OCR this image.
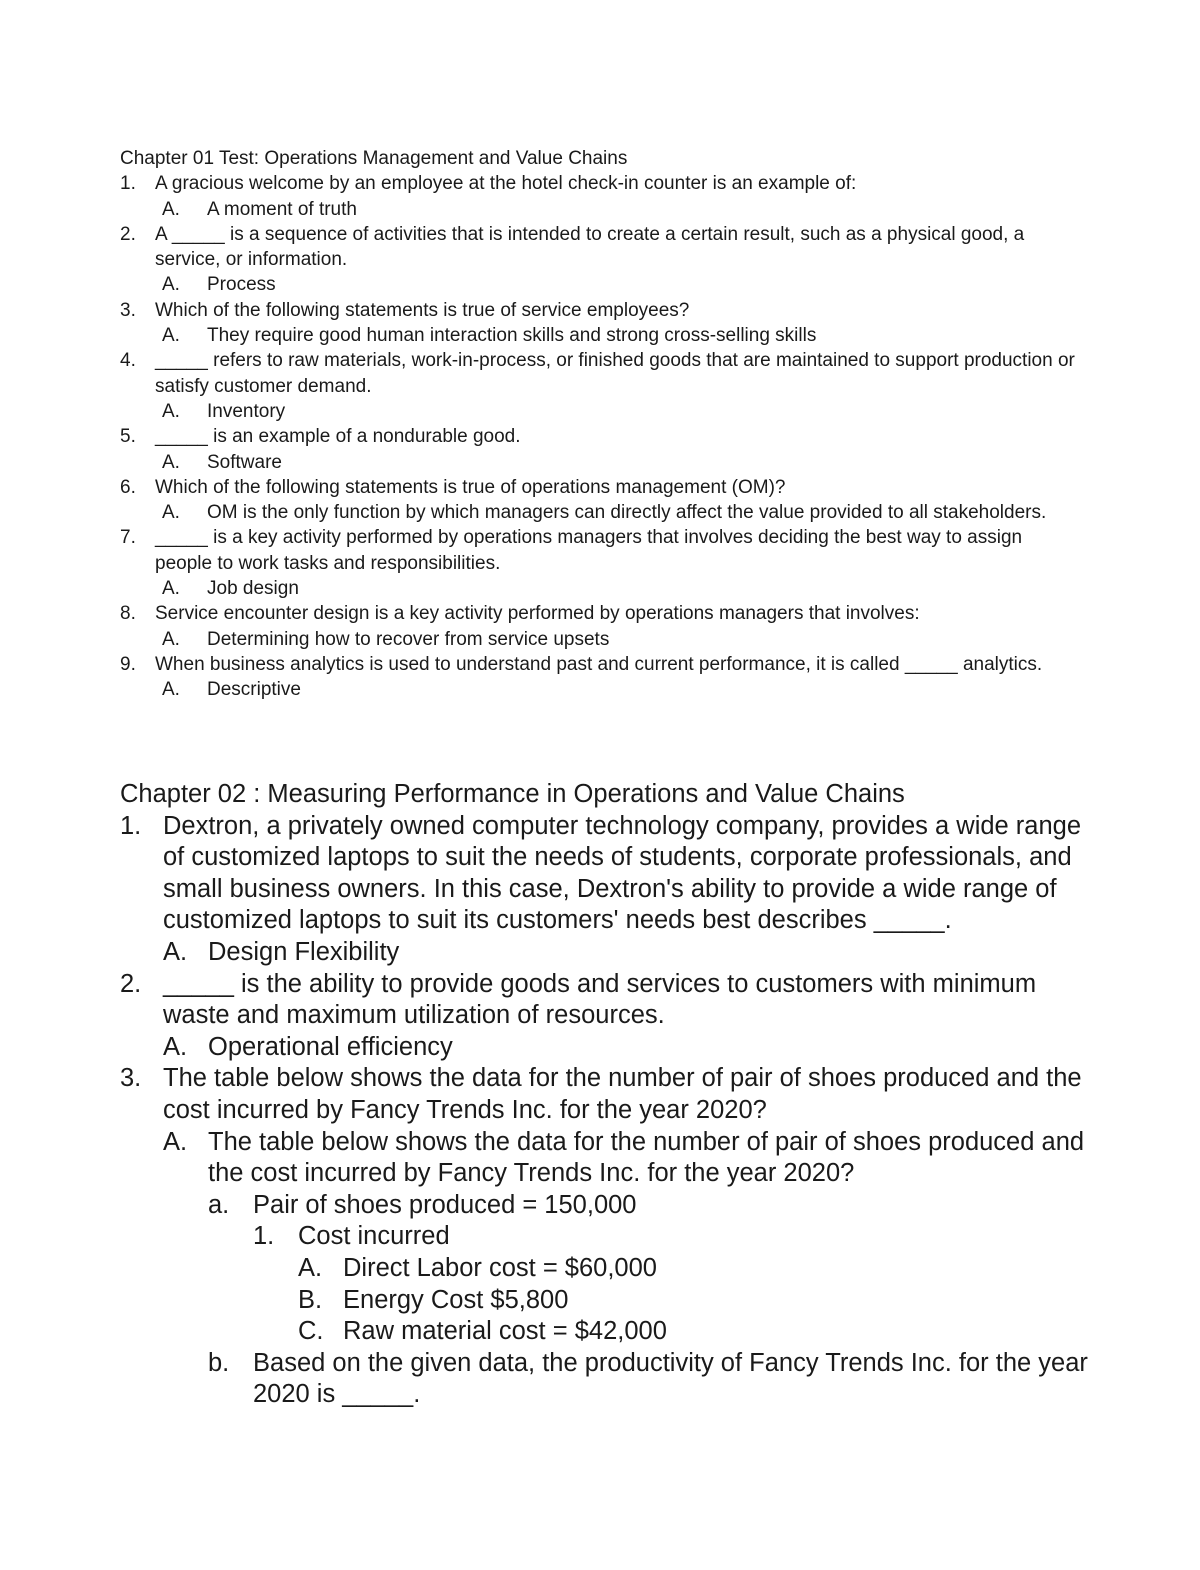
Chapter 01 Test: Operations Management and Value Chains
1. A gracious welcome by an employee at the hotel check-in counter is an example of:
A. A moment of truth
2. A _____ is a sequence of activities that is intended to create a certain result, such as a physical good, a service, or information.
A. Process
3. Which of the following statements is true of service employees?
A. They require good human interaction skills and strong cross-selling skills
4. _____ refers to raw materials, work-in-process, or finished goods that are maintained to support production or satisfy customer demand.
A. Inventory
5. _____ is an example of a nondurable good.
A. Software
6. Which of the following statements is true of operations management (OM)?
A. OM is the only function by which managers can directly affect the value provided to all stakeholders.
7. _____ is a key activity performed by operations managers that involves deciding the best way to assign people to work tasks and responsibilities.
A. Job design
8. Service encounter design is a key activity performed by operations managers that involves:
A. Determining how to recover from service upsets
9. When business analytics is used to understand past and current performance, it is called _____ analytics.
A. Descriptive
Chapter 02 : Measuring Performance in Operations and Value Chains
1. Dextron, a privately owned computer technology company, provides a wide range of customized laptops to suit the needs of students, corporate professionals, and small business owners. In this case, Dextron's ability to provide a wide range of customized laptops to suit its customers' needs best describes _____.
A. Design Flexibility
2. _____ is the ability to provide goods and services to customers with minimum waste and maximum utilization of resources.
A. Operational efficiency
3. The table below shows the data for the number of pair of shoes produced and the cost incurred by Fancy Trends Inc. for the year 2020?
A. The table below shows the data for the number of pair of shoes produced and the cost incurred by Fancy Trends Inc. for the year 2020?
a. Pair of shoes produced = 150,000
1. Cost incurred
A. Direct Labor cost = $60,000
B. Energy Cost $5,800
C. Raw material cost = $42,000
b. Based on the given data, the productivity of Fancy Trends Inc. for the year 2020 is _____.
